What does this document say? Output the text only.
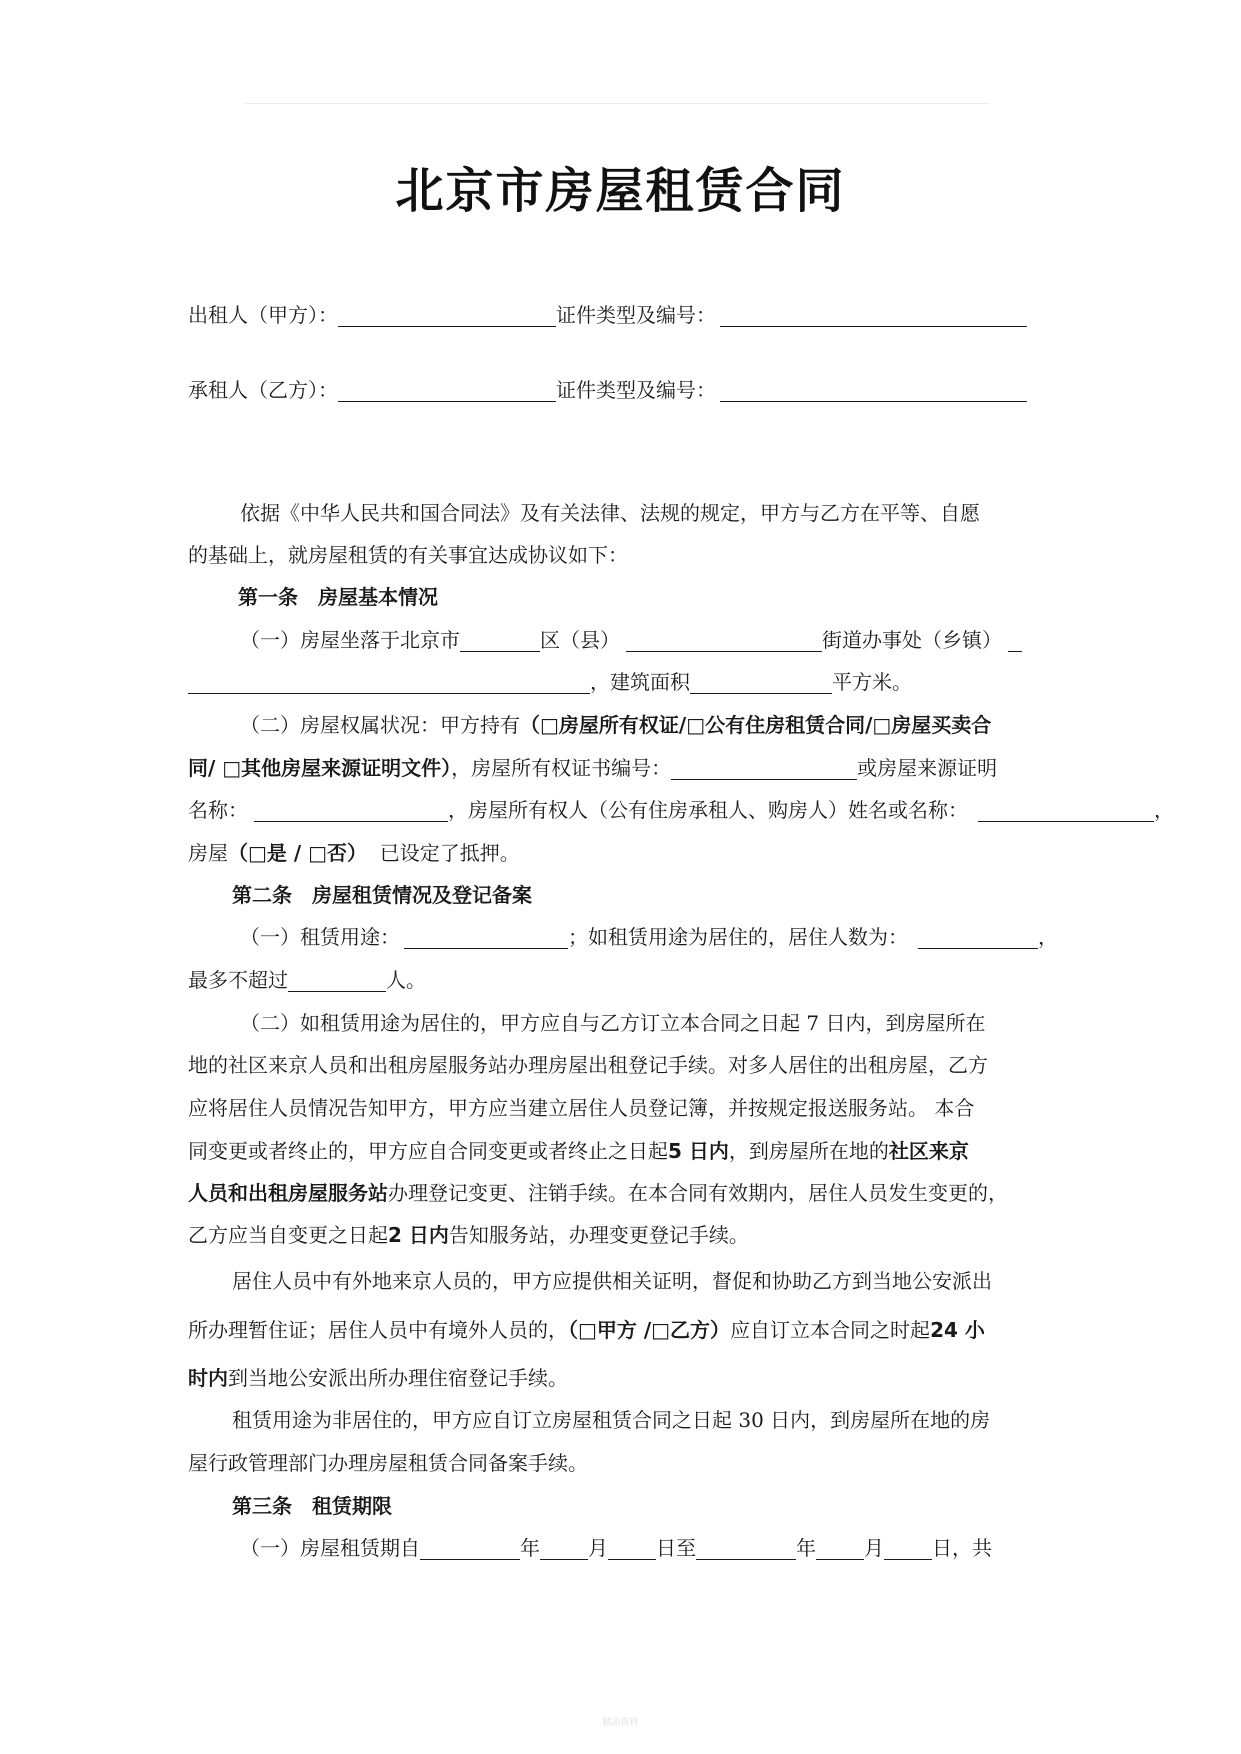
北京市房屋租赁合同
出租人（甲方）：	证件类型及编号：
承租人（乙方）：	证件类型及编号：
依据《中华人民共和国合同法》及有关法律、法规的规定，甲方与乙方在平等、自愿
的基础上，就房屋租赁的有关事宜达成协议如下：
第一条　房屋基本情况
（一）房屋坐落于北京市	区（县）	街道办事处（乡镇）
，建筑面积	平方米。
（二）房屋权属状况：甲方持有（□房屋所有权证/□公有住房租赁合同/□房屋买卖合
同/ □其他房屋来源证明文件），房屋所有权证书编号：	或房屋来源证明
名称：	，房屋所有权人（公有住房承租人、购房人）姓名或名称：	，
房屋（□是 / □否） 已设定了抵押。
第二条　房屋租赁情况及登记备案
（一）租赁用途：	；如租赁用途为居住的，居住人数为：	，
最多不超过	人。
（二）如租赁用途为居住的，甲方应自与乙方订立本合同之日起 7 日内，到房屋所在
地的社区来京人员和出租房屋服务站办理房屋出租登记手续。对多人居住的出租房屋，乙方
应将居住人员情况告知甲方，甲方应当建立居住人员登记簿，并按规定报送服务站。 本合
同变更或者终止的，甲方应自合同变更或者终止之日起5 日内，到房屋所在地的社区来京
人员和出租房屋服务站办理登记变更、注销手续。在本合同有效期内，居住人员发生变更的，
乙方应当自变更之日起2 日内告知服务站，办理变更登记手续。
居住人员中有外地来京人员的，甲方应提供相关证明，督促和协助乙方到当地公安派出
所办理暂住证；居住人员中有境外人员的，（□甲方 /□乙方）应自订立本合同之时起24 小
时内到当地公安派出所办理住宿登记手续。
租赁用途为非居住的，甲方应自订立房屋租赁合同之日起 30 日内，到房屋所在地的房
屋行政管理部门办理房屋租赁合同备案手续。
第三条　租赁期限
（一）房屋租赁期自	年 月 日至	年 月 日，共
精品资料
